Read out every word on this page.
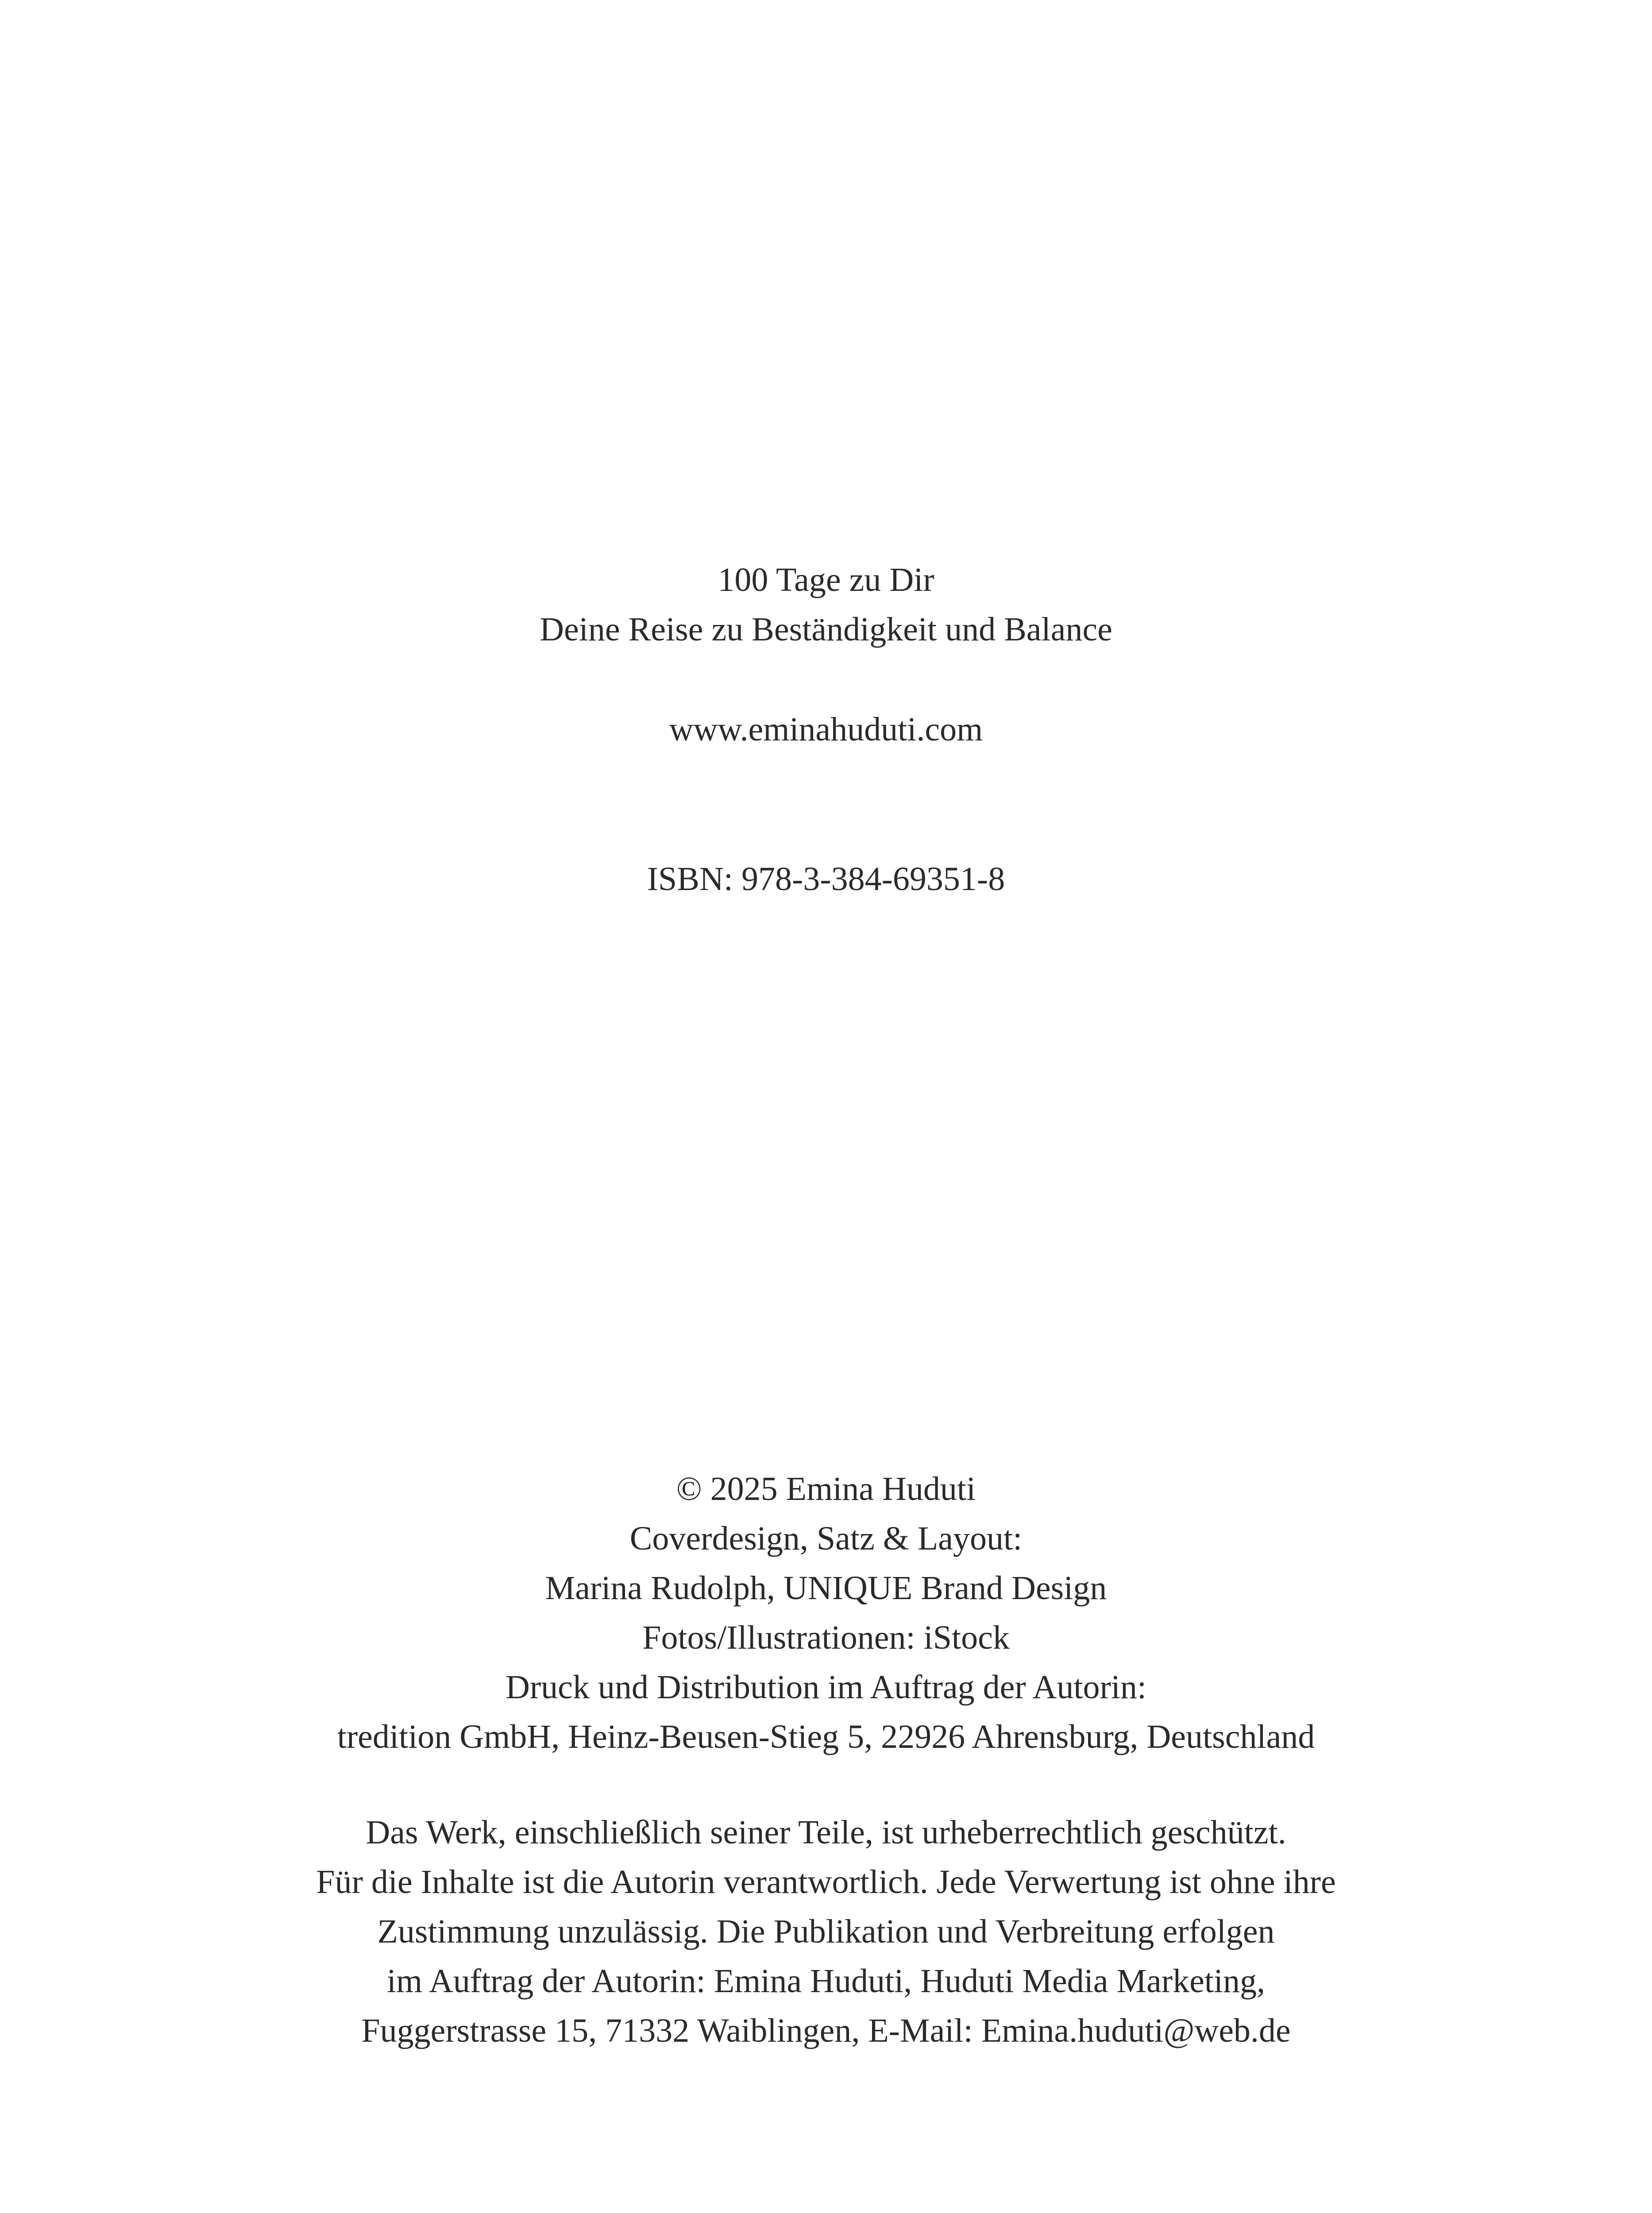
100 Tage zu Dir
Deine Reise zu Beständigkeit und Balance
www.eminahuduti.com
ISBN: 978-3-384-69351-8
© 2025 Emina Huduti
Coverdesign, Satz & Layout:
Marina Rudolph, UNIQUE Brand Design
Fotos/Illustrationen: iStock
Druck und Distribution im Auftrag der Autorin:
tredition GmbH, Heinz-Beusen-Stieg 5, 22926 Ahrensburg, Deutschland
Das Werk, einschließlich seiner Teile, ist urheberrechtlich geschützt.
Für die Inhalte ist die Autorin verantwortlich. Jede Verwertung ist ohne ihre
Zustimmung unzulässig. Die Publikation und Verbreitung erfolgen
im Auftrag der Autorin: Emina Huduti, Huduti Media Marketing,
Fuggerstrasse 15, 71332 Waiblingen, E-Mail: Emina.huduti@web.de
